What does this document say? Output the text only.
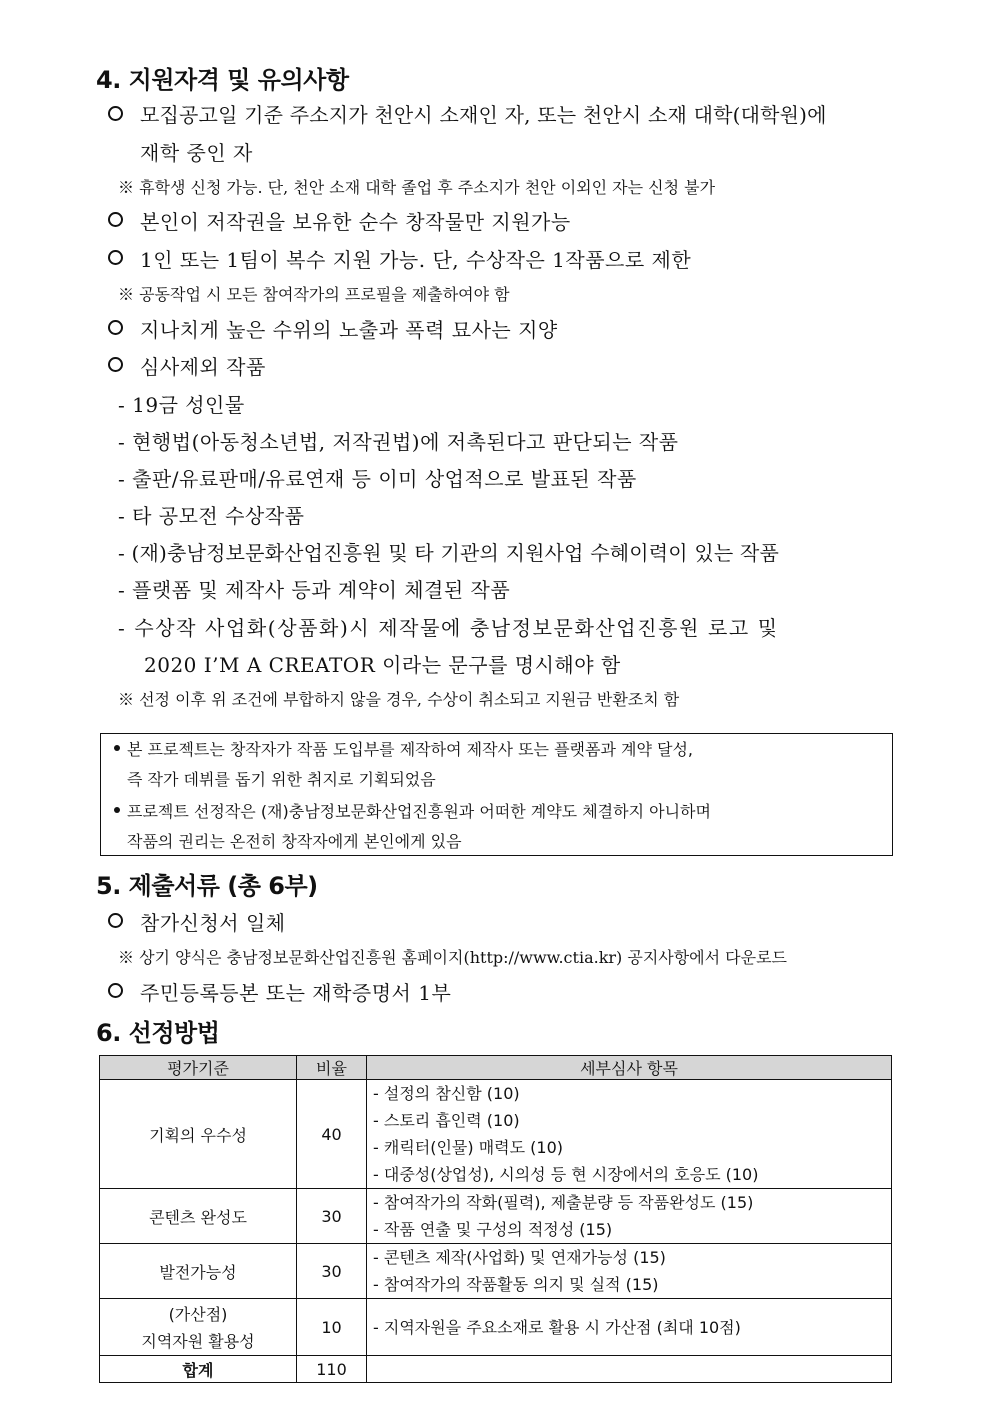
4. 지원자격 및 유의사항
모집공고일 기준 주소지가 천안시 소재인 자, 또는 천안시 소재 대학(대학원)에
재학 중인 자
※ 휴학생 신청 가능. 단, 천안 소재 대학 졸업 후 주소지가 천안 이외인 자는 신청 불가
본인이 저작권을 보유한 순수 창작물만 지원가능
1인 또는 1팀이 복수 지원 가능. 단, 수상작은 1작품으로 제한
※ 공동작업 시 모든 참여작가의 프로필을 제출하여야 함
지나치게 높은 수위의 노출과 폭력 묘사는 지양
심사제외 작품
- 19금 성인물
- 현행법(아동청소년법, 저작권법)에 저촉된다고 판단되는 작품
- 출판/유료판매/유료연재 등 이미 상업적으로 발표된 작품
- 타 공모전 수상작품
- (재)충남정보문화산업진흥원 및 타 기관의 지원사업 수혜이력이 있는 작품
- 플랫폼 및 제작사 등과 계약이 체결된 작품
- 수상작 사업화(상품화)시 제작물에 충남정보문화산업진흥원 로고 및
2020 I’M A CREATOR 이라는 문구를 명시해야 함
※ 선정 이후 위 조건에 부합하지 않을 경우, 수상이 취소되고 지원금 반환조치 함
본 프로젝트는 창작자가 작품 도입부를 제작하여 제작사 또는 플랫폼과 계약 달성,
즉 작가 데뷔를 돕기 위한 취지로 기획되었음
프로젝트 선정작은 (재)충남정보문화산업진흥원과 어떠한 계약도 체결하지 아니하며
작품의 권리는 온전히 창작자에게 본인에게 있음
5. 제출서류 (총 6부)
참가신청서 일체
※ 상기 양식은 충남정보문화산업진흥원 홈페이지(http://www.ctia.kr) 공지사항에서 다운로드
주민등록등본 또는 재학증명서 1부
6. 선정방법
평가기준	비율	세부심사 항목
기획의 우수성	40	- 설정의 참신함 (10)
- 스토리 흡인력 (10)
- 캐릭터(인물) 매력도 (10)
- 대중성(상업성), 시의성 등 현 시장에서의 호응도 (10)

콘텐츠 완성도	30	- 참여작가의 작화(필력), 제출분량 등 작품완성도 (15)
- 작품 연출 및 구성의 적정성 (15)

발전가능성	30	- 콘텐츠 제작(사업화) 및 연재가능성 (15)
- 참여작가의 작품활동 의지 및 실적 (15)

(가산점)
지역자원 활용성	10	- 지역자원을 주요소재로 활용 시 가산점 (최대 10점)

합계	110	
